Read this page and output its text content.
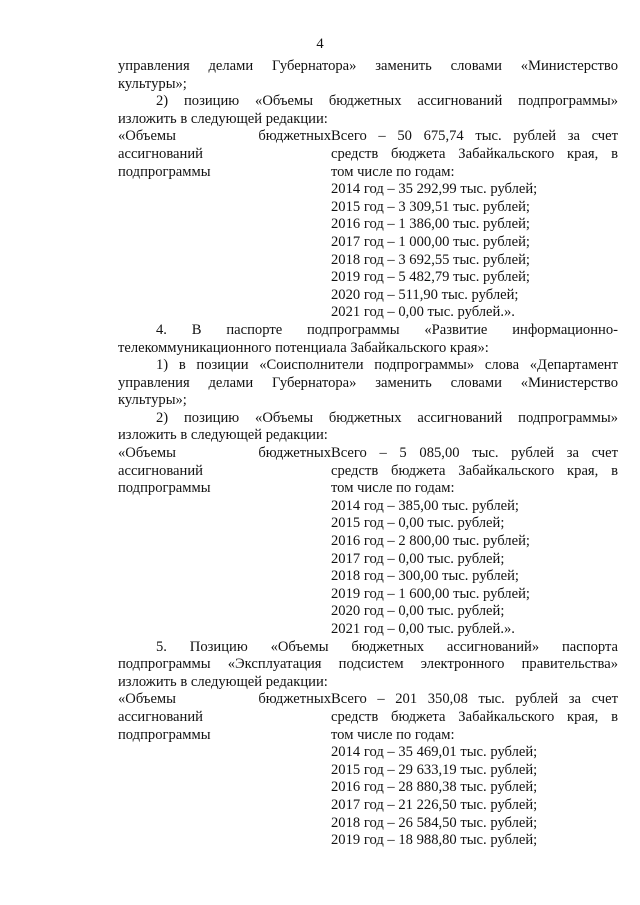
4
управления делами Губернатора» заменить словами «Министерство
культуры»;
2) позицию «Объемы бюджетных ассигнований подпрограммы»
изложить в следующей редакции:
«Объемы бюджетных
ассигнований
подпрограммы
Всего – 50 675,74 тыс. рублей за счет
средств бюджета Забайкальского края, в
том числе по годам:
2014 год – 35 292,99 тыс. рублей;
2015 год – 3 309,51 тыс. рублей;
2016 год – 1 386,00 тыс. рублей;
2017 год – 1 000,00 тыс. рублей;
2018 год – 3 692,55 тыс. рублей;
2019 год – 5 482,79 тыс. рублей;
2020 год – 511,90 тыс. рублей;
2021 год – 0,00 тыс. рублей.».
4. В паспорте подпрограммы «Развитие информационно-
телекоммуникационного потенциала Забайкальского края»:
1) в позиции «Соисполнители подпрограммы» слова «Департамент
управления делами Губернатора» заменить словами «Министерство
культуры»;
2) позицию «Объемы бюджетных ассигнований подпрограммы»
изложить в следующей редакции:
«Объемы бюджетных
ассигнований
подпрограммы
Всего – 5 085,00 тыс. рублей за счет
средств бюджета Забайкальского края, в
том числе по годам:
2014 год – 385,00 тыс. рублей;
2015 год – 0,00 тыс. рублей;
2016 год – 2 800,00 тыс. рублей;
2017 год – 0,00 тыс. рублей;
2018 год – 300,00 тыс. рублей;
2019 год – 1 600,00 тыс. рублей;
2020 год – 0,00 тыс. рублей;
2021 год – 0,00 тыс. рублей.».
5. Позицию «Объемы бюджетных ассигнований» паспорта
подпрограммы «Эксплуатация подсистем электронного правительства»
изложить в следующей редакции:
«Объемы бюджетных
ассигнований
подпрограммы
Всего – 201 350,08 тыс. рублей за счет
средств бюджета Забайкальского края, в
том числе по годам:
2014 год – 35 469,01 тыс. рублей;
2015 год – 29 633,19 тыс. рублей;
2016 год – 28 880,38 тыс. рублей;
2017 год – 21 226,50 тыс. рублей;
2018 год – 26 584,50 тыс. рублей;
2019 год – 18 988,80 тыс. рублей;
